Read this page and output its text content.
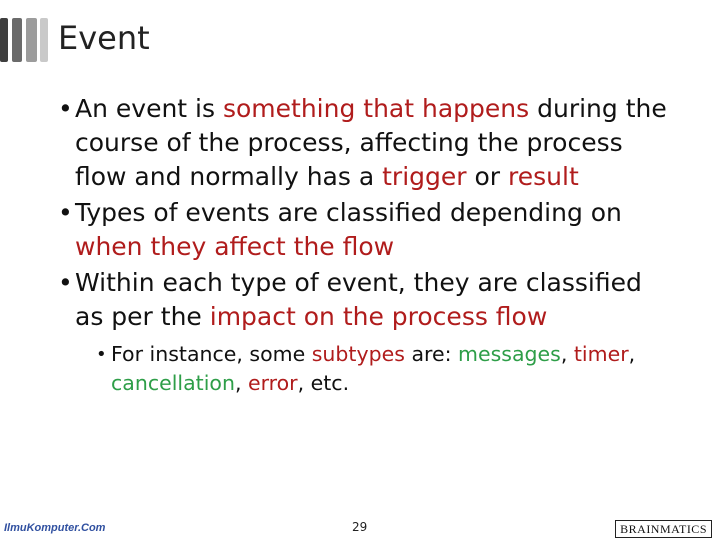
Event

• An event is something that happens during the course of the process, affecting the process flow and normally has a trigger or result

• Types of events are classified depending on when they affect the flow

• Within each type of event, they are classified as per the impact on the process flow

• For instance, some subtypes are: messages, timer, cancellation, error, etc.

IlmuKomputer.Com	29	BRAINMATICS
